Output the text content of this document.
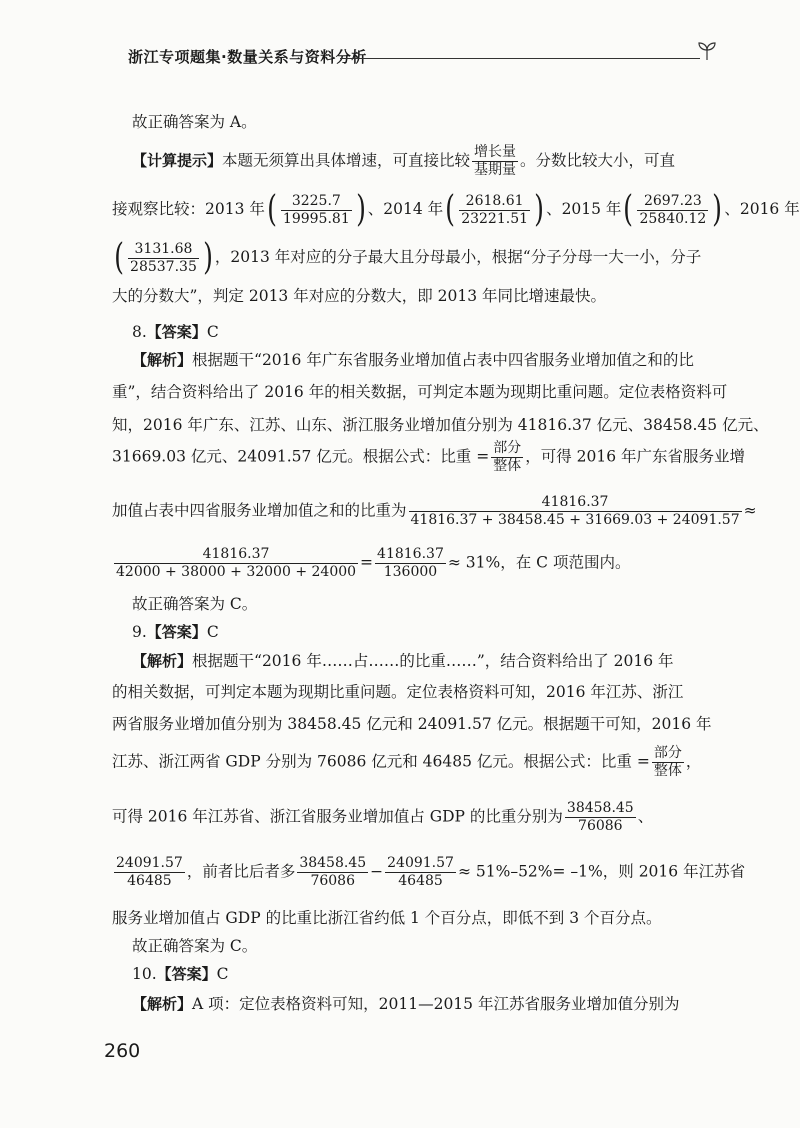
浙江专项题集·数量关系与资料分析
故正确答案为 A。
【计算提示】本题无须算出具体增速，可直接比较 $\frac{\text{增长量}}{\text{基期量}}$ 。分数比较大小，可直
接观察比较：2013 年( $\frac{3225.7}{19995.81}$ ) 、2014 年( $\frac{2618.61}{23221.51}$ ) 、2015 年( $\frac{2697.23}{25840.12}$ ) 、2016 年
( $\frac{3131.68}{28537.35}$ ) ，2013 年对应的分子最大且分母最小，根据“分子分母一大一小，分子
大的分数大”，判定 2013 年对应的分数大，即 2013 年同比增速最快。
8.【答案】C
【解析】根据题干“2016 年广东省服务业增加值占表中四省服务业增加值之和的比
重”，结合资料给出了 2016 年的相关数据，可判定本题为现期比重问题。定位表格资料可
知，2016 年广东、江苏、山东、浙江服务业增加值分别为 41816.37 亿元、38458.45 亿元、
31669.03 亿元、24091.57 亿元。根据公式：比重 = $\frac{\text{部分}}{\text{整体}}$ ，可得 2016 年广东省服务业增
加值占表中四省服务业增加值之和的比重为 $\frac{41816.37}{41816.37 + 38458.45 + 31669.03 + 24091.57}$ ≈
$\frac{41816.37}{42000 + 38000 + 32000 + 24000} = \frac{41816.37}{136000} \approx 31\%$，在 C 项范围内。
故正确答案为 C。
9.【答案】C
【解析】根据题干“2016 年……占……的比重……”，结合资料给出了 2016 年
的相关数据，可判定本题为现期比重问题。定位表格资料可知，2016 年江苏、浙江
两省服务业增加值分别为 38458.45 亿元和 24091.57 亿元。根据题干可知，2016 年
江苏、浙江两省 GDP 分别为 76086 亿元和 46485 亿元。根据公式：比重 = $\frac{\text{部分}}{\text{整体}}$ ，
可得 2016 年江苏省、浙江省服务业增加值占 GDP 的比重分别为 $\frac{38458.45}{76086}$ 、
$\frac{24091.57}{46485}$ ，前者比后者多 $\frac{38458.45}{76086} - \frac{24091.57}{46485} \approx 51\%-52\%= -1\%$，则 2016 年江苏省
服务业增加值占 GDP 的比重比浙江省约低 1 个百分点，即低不到 3 个百分点。
故正确答案为 C。
10.【答案】C
【解析】A 项：定位表格资料可知，2011—2015 年江苏省服务业增加值分别为
260
